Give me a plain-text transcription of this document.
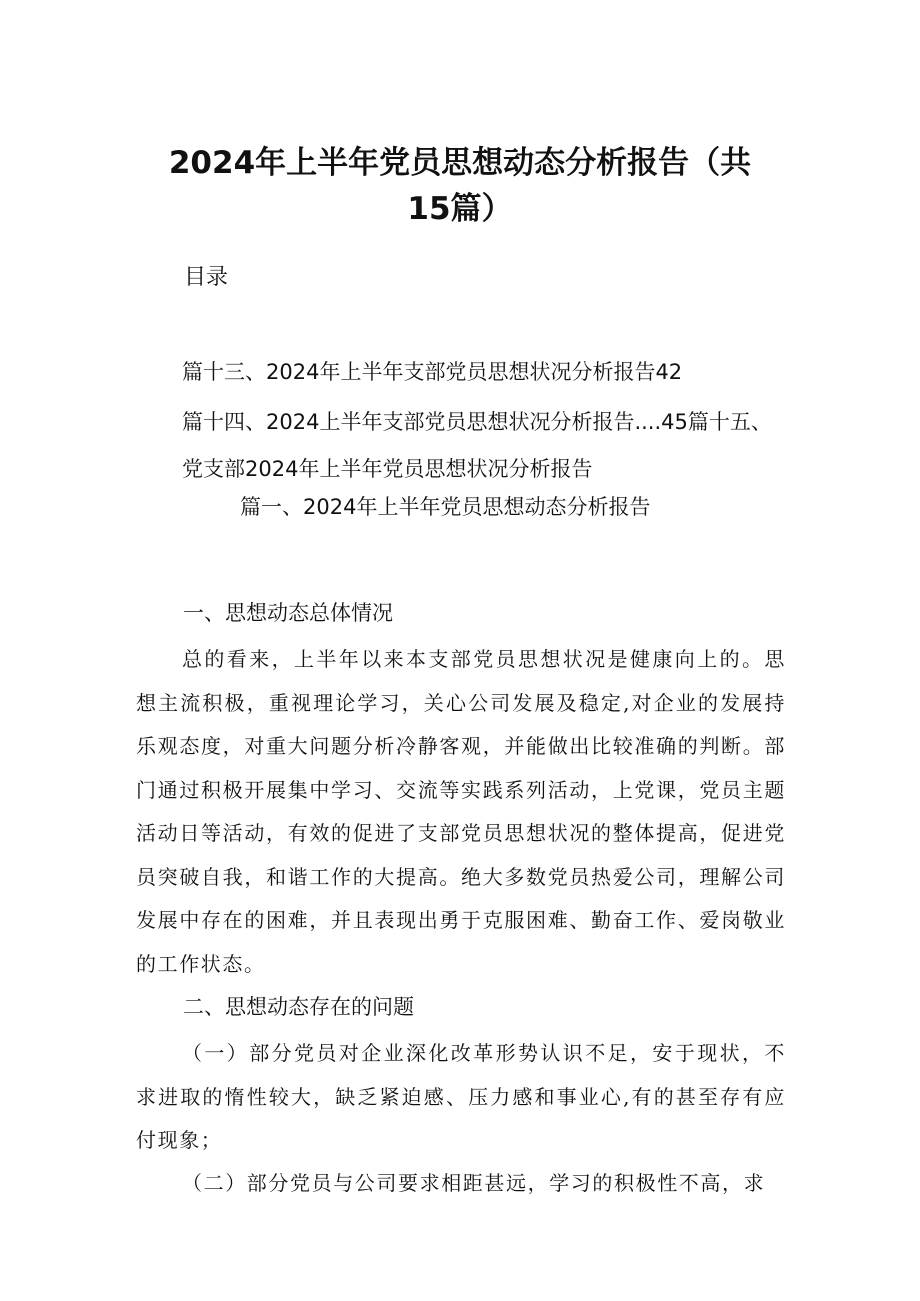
2024年上半年党员思想动态分析报告（共
15篇）
目录
篇十三、2024年上半年支部党员思想状况分析报告42
篇十四、2024上半年支部党员思想状况分析报告....45篇十五、
党支部2024年上半年党员思想状况分析报告
篇一、2024年上半年党员思想动态分析报告
一、思想动态总体情况

总的看来，上半年以来本支部党员思想状况是健康向上的。思想主流积极，重视理论学习，关心公司发展及稳定,对企业的发展持乐观态度，对重大问题分析冷静客观，并能做出比较准确的判断。部门通过积极开展集中学习、交流等实践系列活动，上党课，党员主题活动日等活动，有效的促进了支部党员思想状况的整体提高，促进党员突破自我，和谐工作的大提高。绝大多数党员热爱公司，理解公司发展中存在的困难，并且表现出勇于克服困难、勤奋工作、爱岗敬业的工作状态。

二、思想动态存在的问题

（一）部分党员对企业深化改革形势认识不足，安于现状，不求进取的惰性较大，缺乏紧迫感、压力感和事业心,有的甚至存有应付现象；

（二）部分党员与公司要求相距甚远，学习的积极性不高，求
